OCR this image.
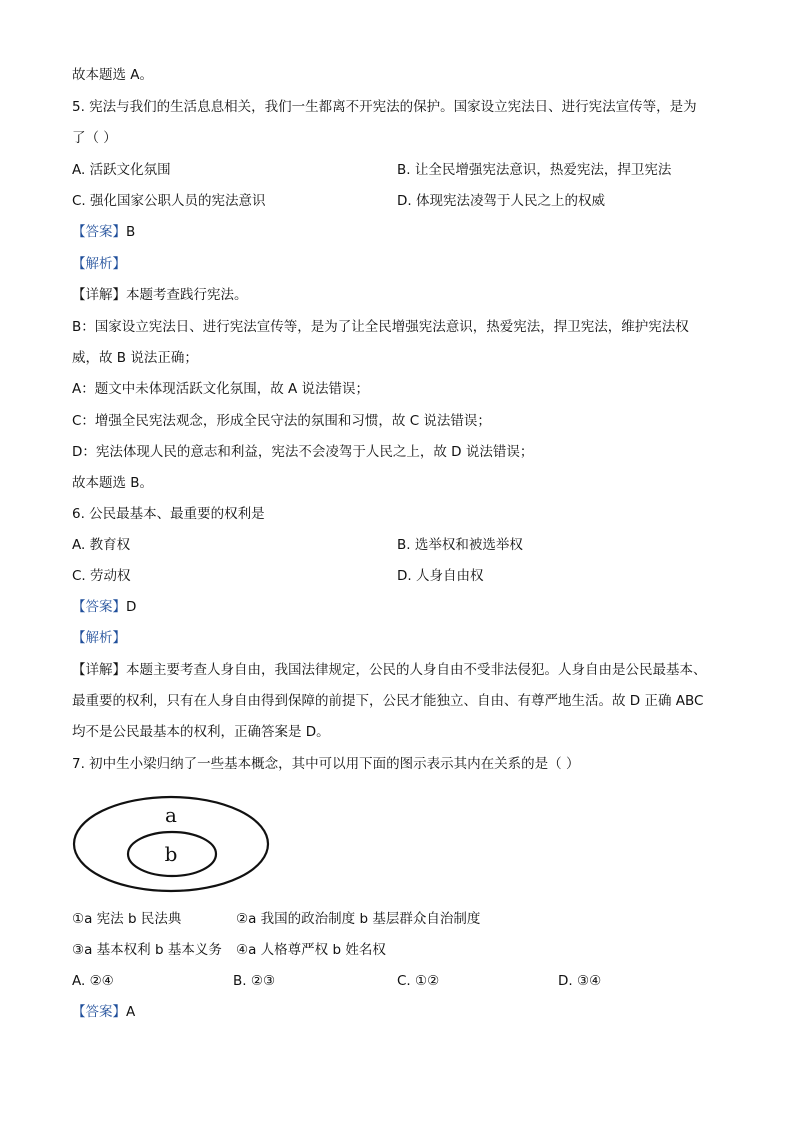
故本题选 A。
5. 宪法与我们的生活息息相关，我们一生都离不开宪法的保护。国家设立宪法日、进行宪法宣传等，是为
了（ ）
A. 活跃文化氛围	B. 让全民增强宪法意识，热爱宪法，捍卫宪法
C. 强化国家公职人员的宪法意识	D. 体现宪法凌驾于人民之上的权威
【答案】B
【解析】
【详解】本题考查践行宪法。
B：国家设立宪法日、进行宪法宣传等，是为了让全民增强宪法意识，热爱宪法，捍卫宪法，维护宪法权
威，故 B 说法正确；
A：题文中未体现活跃文化氛围，故 A 说法错误；
C：增强全民宪法观念，形成全民守法的氛围和习惯，故 C 说法错误；
D：宪法体现人民的意志和利益，宪法不会凌驾于人民之上，故 D 说法错误；
故本题选 B。
6. 公民最基本、最重要的权利是
A. 教育权	B. 选举权和被选举权
C. 劳动权	D. 人身自由权
【答案】D
【解析】
【详解】本题主要考查人身自由，我国法律规定，公民的人身自由不受非法侵犯。人身自由是公民最基本、
最重要的权利，只有在人身自由得到保障的前提下，公民才能独立、自由、有尊严地生活。故 D 正确 ABC
均不是公民最基本的权利，正确答案是 D。
7. 初中生小梁归纳了一些基本概念，其中可以用下面的图示表示其内在关系的是（ ）
a
b
①a 宪法 b 民法典	②a 我国的政治制度 b 基层群众自治制度
③a 基本权利 b 基本义务 ④a 人格尊严权 b 姓名权
A. ②④	B. ②③	C. ①②	D. ③④
【答案】A
